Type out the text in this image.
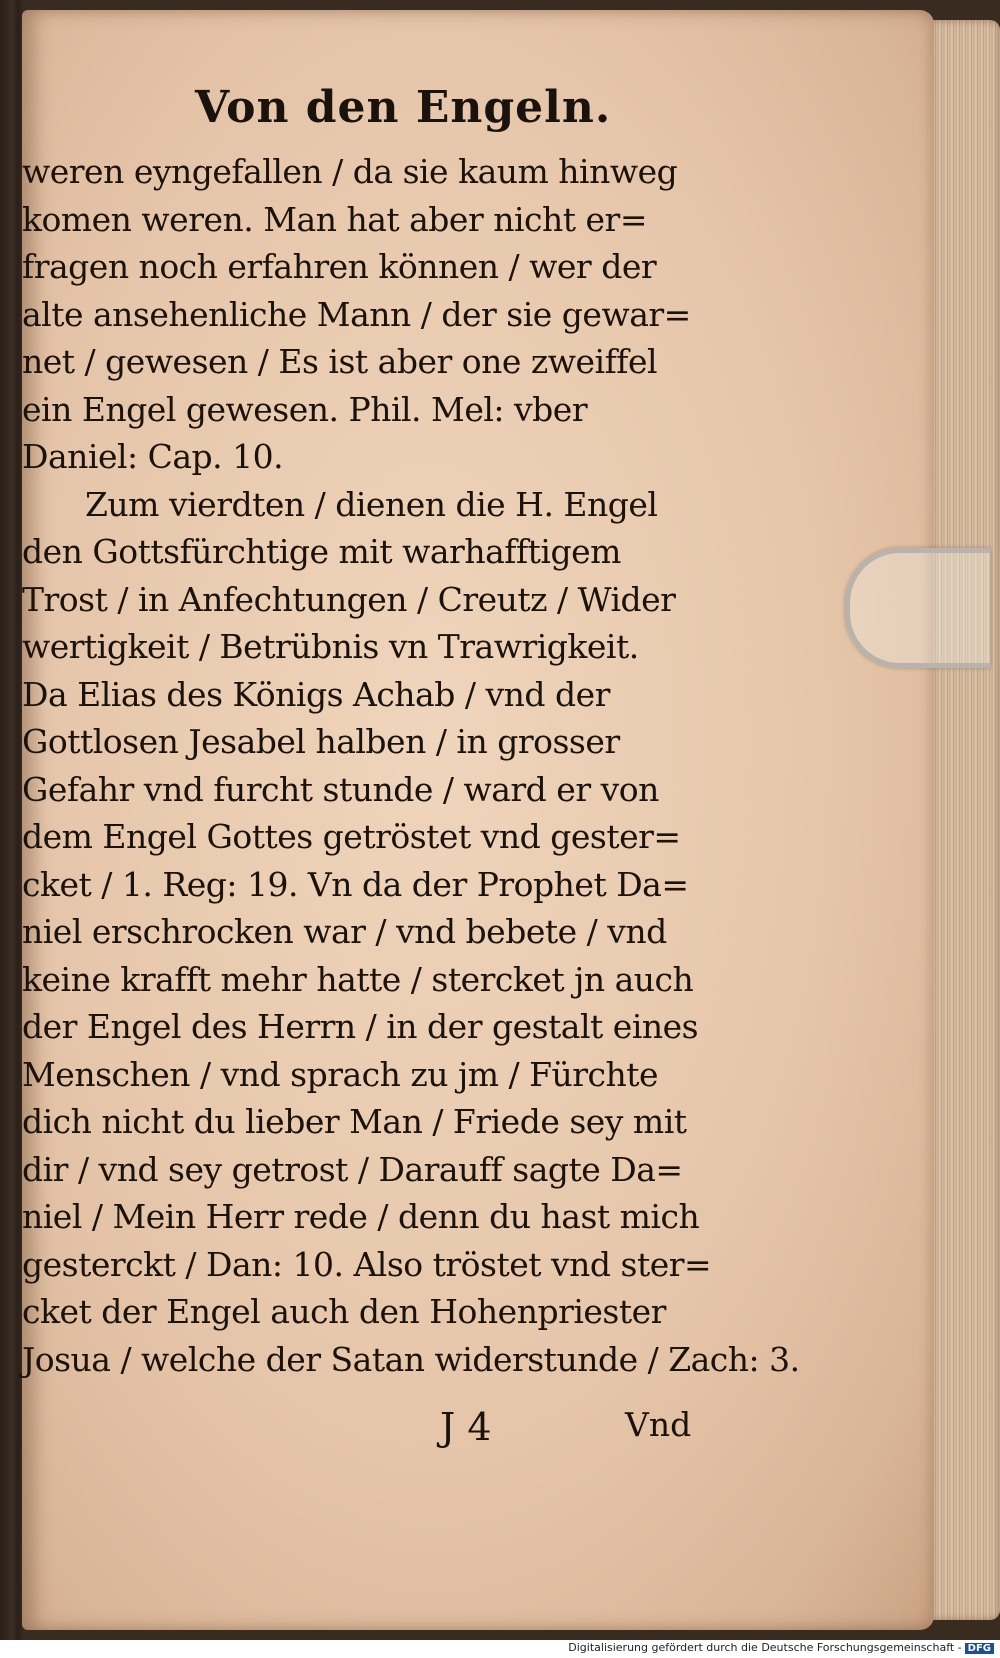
Von den Engeln.
weren eyngefallen / da sie kaum hinweg
komen weren. Man hat aber nicht er=
fragen noch erfahren können / wer der
alte ansehenliche Mann / der sie gewar=
net / gewesen / Es ist aber one zweiffel
ein Engel gewesen. Phil. Mel: vber
Daniel: Cap. 10.
Zum vierdten / dienen die H. Engel
den Gottsfürchtige mit warhafftigem
Trost / in Anfechtungen / Creutz / Wider
wertigkeit / Betrübnis vn Trawrigkeit.
Da Elias des Königs Achab / vnd der
Gottlosen Jesabel halben / in grosser
Gefahr vnd furcht stunde / ward er von
dem Engel Gottes getröstet vnd gester=
cket / 1. Reg: 19. Vn da der Prophet Da=
niel erschrocken war / vnd bebete / vnd
keine krafft mehr hatte / stercket jn auch
der Engel des Herrn / in der gestalt eines
Menschen / vnd sprach zu jm / Fürchte
dich nicht du lieber Man / Friede sey mit
dir / vnd sey getrost / Darauff sagte Da=
niel / Mein Herr rede / denn du hast mich
gesterckt / Dan: 10. Also tröstet vnd ster=
cket der Engel auch den Hohenpriester
Josua / welche der Satan widerstunde / Zach: 3.
J 4	Vnd
Digitalisierung gefördert durch die Deutsche Forschungsgemeinschaft - DFG
